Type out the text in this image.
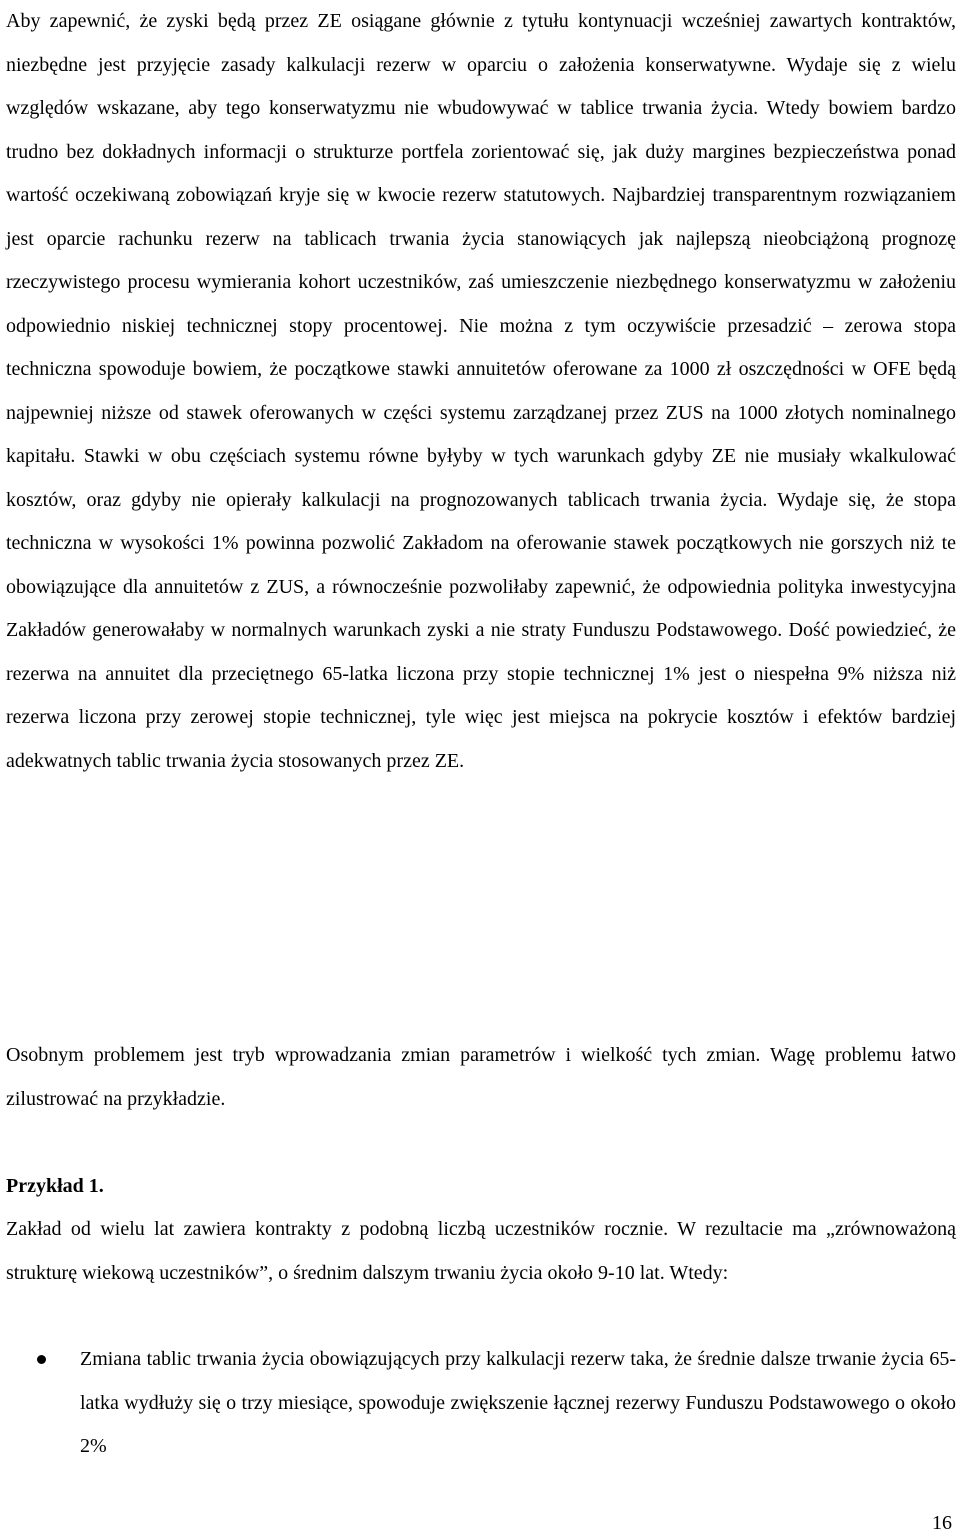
Aby zapewnić, że zyski będą przez ZE osiągane głównie z tytułu kontynuacji wcześniej zawartych kontraktów, niezbędne jest przyjęcie zasady kalkulacji rezerw w oparciu o założenia konserwatywne. Wydaje się z wielu względów wskazane, aby tego konserwatyzmu nie wbudowywać w tablice trwania życia. Wtedy bowiem bardzo trudno bez dokładnych informacji o strukturze portfela zorientować się, jak duży margines bezpieczeństwa ponad wartość oczekiwaną zobowiązań kryje się w kwocie rezerw statutowych. Najbardziej transparentnym rozwiązaniem jest oparcie rachunku rezerw na tablicach trwania życia stanowiących jak najlepszą nieobciążoną prognozę rzeczywistego procesu wymierania kohort uczestników, zaś umieszczenie niezbędnego konserwatyzmu w założeniu odpowiednio niskiej technicznej stopy procentowej. Nie można z tym oczywiście przesadzić – zerowa stopa techniczna spowoduje bowiem, że początkowe stawki annuitetów oferowane za 1000 zł oszczędności w OFE będą najpewniej niższe od stawek oferowanych w części systemu zarządzanej przez ZUS na 1000 złotych nominalnego kapitału. Stawki w obu częściach systemu równe byłyby w tych warunkach gdyby ZE nie musiały wkalkulować kosztów, oraz gdyby nie opierały kalkulacji na prognozowanych tablicach trwania życia. Wydaje się, że stopa techniczna w wysokości 1% powinna pozwolić Zakładom na oferowanie stawek początkowych nie gorszych niż te obowiązujące dla annuitetów z ZUS, a równocześnie pozwoliłaby zapewnić, że odpowiednia polityka inwestycyjna Zakładów generowałaby w normalnych warunkach zyski a nie straty Funduszu Podstawowego. Dość powiedzieć, że rezerwa na annuitet dla przeciętnego 65-latka liczona przy stopie technicznej 1% jest o niespełna 9% niższa niż rezerwa liczona przy zerowej stopie technicznej, tyle więc jest miejsca na pokrycie kosztów i efektów bardziej adekwatnych tablic trwania życia stosowanych przez ZE.

Osobnym problemem jest tryb wprowadzania zmian parametrów i wielkość tych zmian. Wagę problemu łatwo zilustrować na przykładzie.

Przykład 1.

Zakład od wielu lat zawiera kontrakty z podobną liczbą uczestników rocznie. W rezultacie ma „zrównoważoną strukturę wiekową uczestników”, o średnim dalszym trwaniu życia około 9-10 lat. Wtedy:

Zmiana tablic trwania życia obowiązujących przy kalkulacji rezerw taka, że średnie dalsze trwanie życia 65-latka wydłuży się o trzy miesiące, spowoduje zwiększenie łącznej rezerwy Funduszu Podstawowego o około 2%

16
